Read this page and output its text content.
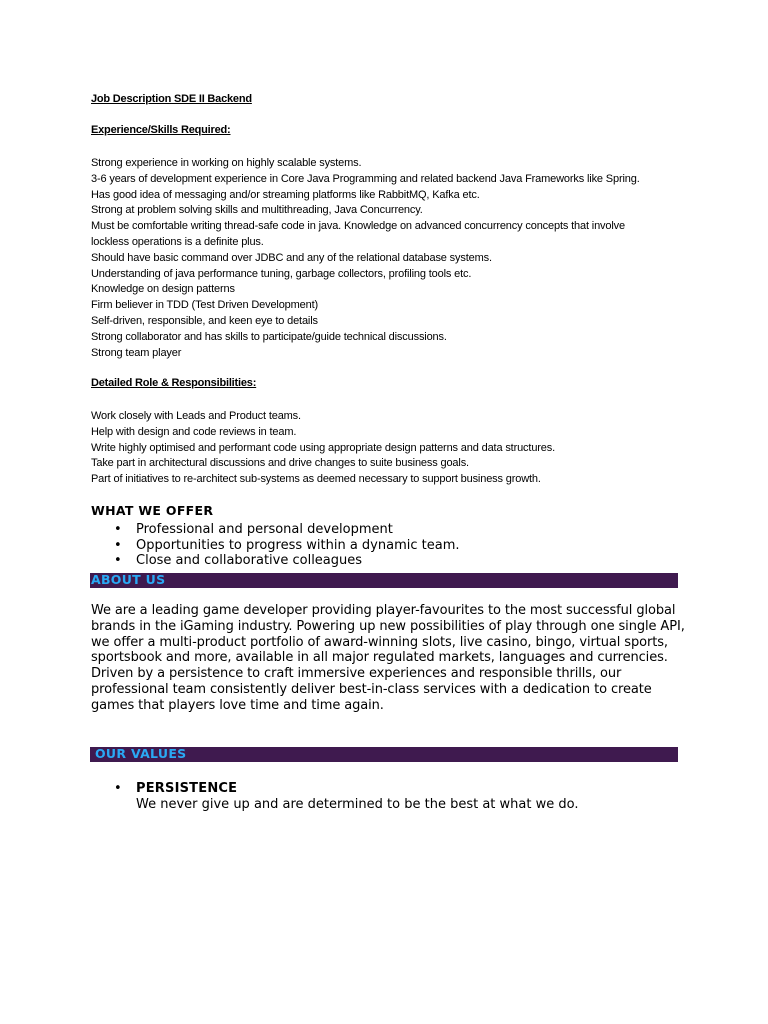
Job Description SDE II Backend
Experience/Skills Required:
Strong experience in working on highly scalable systems.
3-6 years of development experience in Core Java Programming and related backend Java Frameworks like Spring.
Has good idea of messaging and/or streaming platforms like RabbitMQ, Kafka etc.
Strong at problem solving skills and multithreading, Java Concurrency.
Must be comfortable writing thread-safe code in java. Knowledge on advanced concurrency concepts that involve
lockless operations is a definite plus.
Should have basic command over JDBC and any of the relational database systems.
Understanding of java performance tuning, garbage collectors, profiling tools etc.
Knowledge on design patterns
Firm believer in TDD (Test Driven Development)
Self-driven, responsible, and keen eye to details
Strong collaborator and has skills to participate/guide technical discussions.
Strong team player
Detailed Role & Responsibilities:
Work closely with Leads and Product teams.
Help with design and code reviews in team.
Write highly optimised and performant code using appropriate design patterns and data structures.
Take part in architectural discussions and drive changes to suite business goals.
Part of initiatives to re-architect sub-systems as deemed necessary to support business growth.
WHAT WE OFFER
• Professional and personal development
• Opportunities to progress within a dynamic team.
• Close and collaborative colleagues
ABOUT US

We are a leading game developer providing player-favourites to the most successful global brands in the iGaming industry. Powering up new possibilities of play through one single API, we offer a multi-product portfolio of award-winning slots, live casino, bingo, virtual sports, sportsbook and more, available in all major regulated markets, languages and currencies.

Driven by a persistence to craft immersive experiences and responsible thrills, our professional team consistently deliver best-in-class services with a dedication to create games that players love time and time again.

OUR VALUES
• PERSISTENCE
We never give up and are determined to be the best at what we do.
